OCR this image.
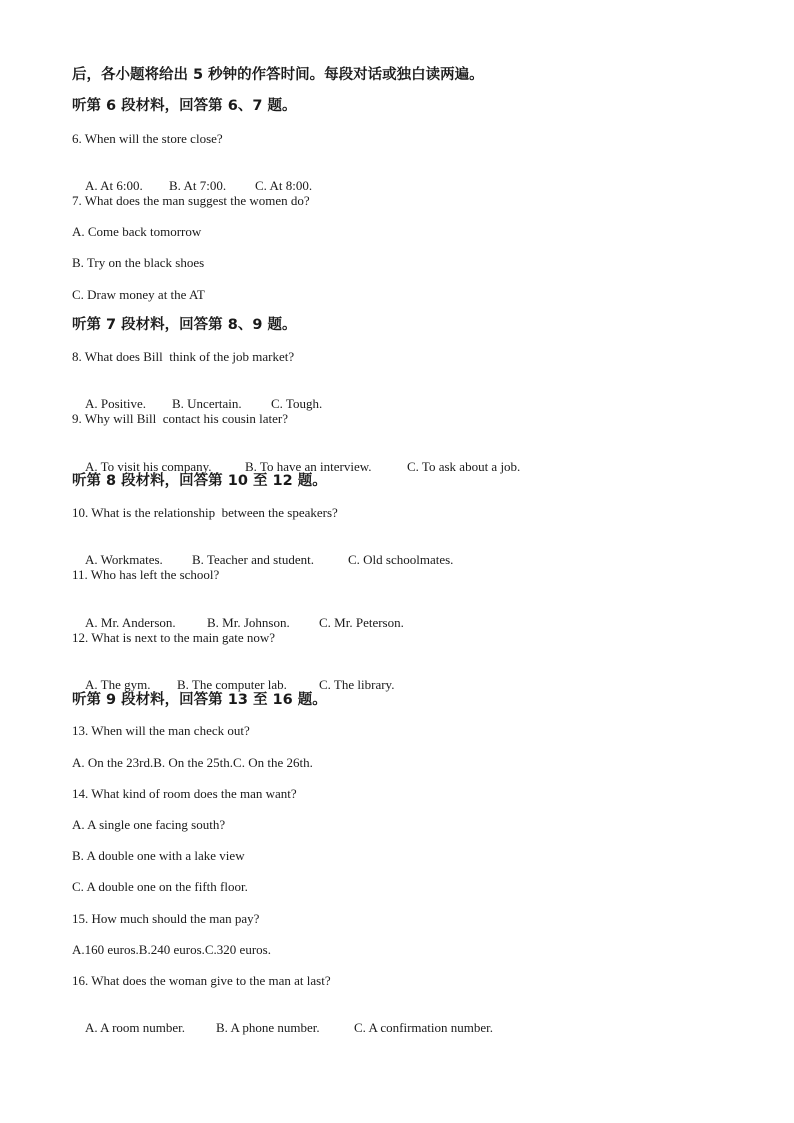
后，各小题将给出 5 秒钟的作答时间。每段对话或独白读两遍。
听第 6 段材料，回答第 6、7 题。
6. When will the store close?

A. At 6:00. B. At 7:00. C. At 8:00.

7. What does the man suggest the women do?
A. Come back tomorrow
B. Try on the black shoes
C. Draw money at the AT
听第 7 段材料，回答第 8、9 题。
8. What does Bill  think of the job market?

A. Positive. B. Uncertain. C. Tough.

9. Why will Bill  contact his cousin later?

A. To visit his company.	B. To have an interview.	C. To ask about a job.

听第 8 段材料，回答第 10 至 12 题。
10. What is the relationship  between the speakers?

A. Workmates. B. Teacher and student.	C. Old schoolmates.

11. Who has left the school?

A. Mr. Anderson. B. Mr. Johnson. C. Mr. Peterson.

12. What is next to the main gate now?

A. The gym. B. The computer lab. C. The library.

听第 9 段材料，回答第 13 至 16 题。
13. When will the man check out?
A. On the 23rd.B. On the 25th.C. On the 26th.
14. What kind of room does the man want?
A. A single one facing south?
B. A double one with a lake view
C. A double one on the fifth floor.
15. How much should the man pay?
A.160 euros.B.240 euros.C.320 euros.
16. What does the woman give to the man at last?

A. A room number. B. A phone number.	C. A confirmation number.
